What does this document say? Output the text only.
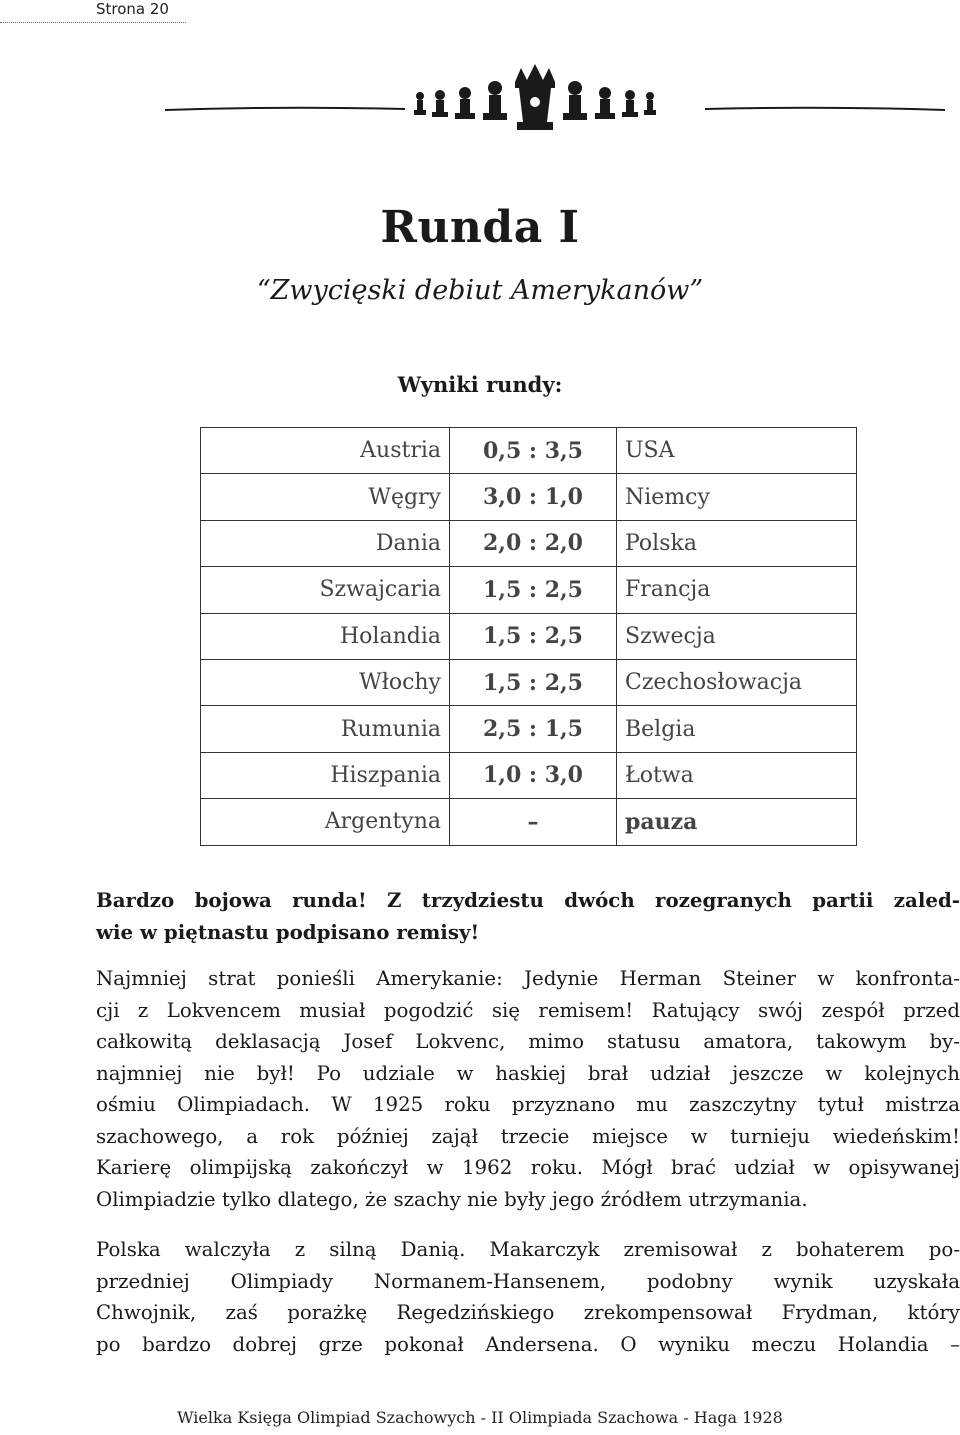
Strona 20
Runda I
“Zwycięski debiut Amerykanów”
Wyniki rundy:
Austria	0,5 : 3,5	USA
Węgry	3,0 : 1,0	Niemcy
Dania	2,0 : 2,0	Polska
Szwajcaria	1,5 : 2,5	Francja
Holandia	1,5 : 2,5	Szwecja
Włochy	1,5 : 2,5	Czechosłowacja
Rumunia	2,5 : 1,5	Belgia
Hiszpania	1,0 : 3,0	Łotwa
Argentyna	–	pauza
Bardzo bojowa runda! Z trzydziestu dwóch rozegranych partii zaled-
wie w piętnastu podpisano remisy!
Najmniej strat ponieśli Amerykanie: Jedynie Herman Steiner w konfronta-
cji z Lokvencem musiał pogodzić się remisem! Ratujący swój zespół przed
całkowitą deklasacją Josef Lokvenc, mimo statusu amatora, takowym by-
najmniej nie był! Po udziale w haskiej brał udział jeszcze w kolejnych
ośmiu Olimpiadach. W 1925 roku przyznano mu zaszczytny tytuł mistrza
szachowego, a rok później zajął trzecie miejsce w turnieju wiedeńskim!
Karierę olimpijską zakończył w 1962 roku. Mógł brać udział w opisywanej
Olimpiadzie tylko dlatego, że szachy nie były jego źródłem utrzymania.
Polska walczyła z silną Danią. Makarczyk zremisował z bohaterem po-
przedniej Olimpiady Normanem-Hansenem, podobny wynik uzyskała
Chwojnik, zaś porażkę Regedzińskiego zrekompensował Frydman, który
po bardzo dobrej grze pokonał Andersena. O wyniku meczu Holandia –
Wielka Księga Olimpiad Szachowych - II Olimpiada Szachowa - Haga 1928
